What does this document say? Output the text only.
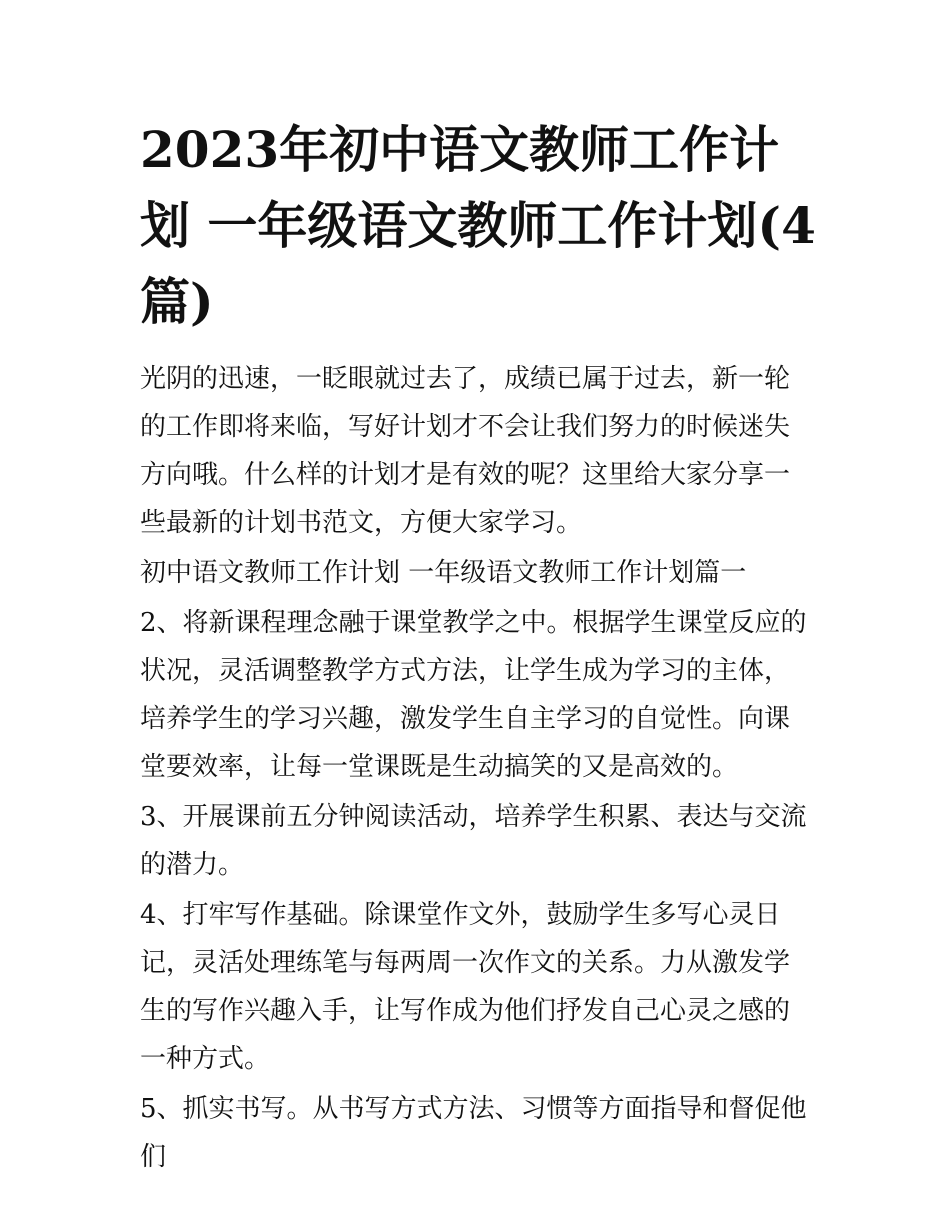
2023年初中语文教师工作计划 一年级语文教师工作计划(4篇)

光阴的迅速，一眨眼就过去了，成绩已属于过去，新一轮的工作即将来临，写好计划才不会让我们努力的时候迷失方向哦。什么样的计划才是有效的呢？这里给大家分享一些最新的计划书范文，方便大家学习。

初中语文教师工作计划 一年级语文教师工作计划篇一

2、将新课程理念融于课堂教学之中。根据学生课堂反应的状况，灵活调整教学方式方法，让学生成为学习的主体，培养学生的学习兴趣，激发学生自主学习的自觉性。向课堂要效率，让每一堂课既是生动搞笑的又是高效的。

3、开展课前五分钟阅读活动，培养学生积累、表达与交流的潜力。

4、打牢写作基础。除课堂作文外，鼓励学生多写心灵日记，灵活处理练笔与每两周一次作文的关系。力从激发学生的写作兴趣入手，让写作成为他们抒发自己心灵之感的一种方式。

5、抓实书写。从书写方式方法、习惯等方面指导和督促他们
